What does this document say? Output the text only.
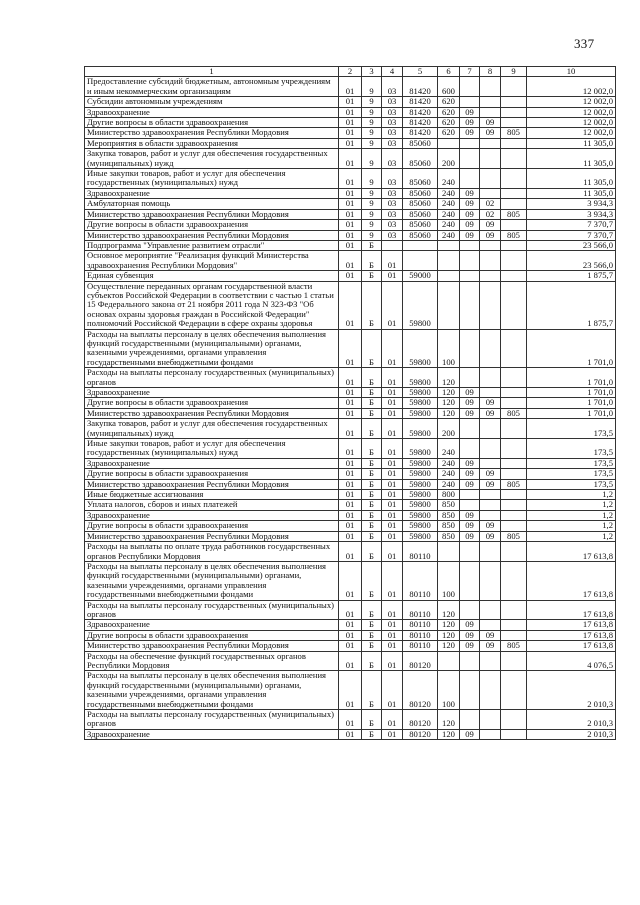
337
1	2	3	4	5	6	7	8	9	10
Предоставление субсидий бюджетным, автономным учреждениям и иным некоммерческим организациям	01	9	03	81420	600				12 002,0
Субсидии автономным учреждениям	01	9	03	81420	620				12 002,0
Здравоохранение	01	9	03	81420	620	09			12 002,0
Другие вопросы в области здравоохранения	01	9	03	81420	620	09	09		12 002,0
Министерство здравоохранения Республики Мордовия	01	9	03	81420	620	09	09	805	12 002,0
Мероприятия в области здравоохранения	01	9	03	85060					11 305,0
Закупка товаров, работ и услуг для обеспечения государственных (муниципальных) нужд	01	9	03	85060	200				11 305,0
Иные закупки товаров, работ и услуг для обеспечения государственных (муниципальных) нужд	01	9	03	85060	240				11 305,0
Здравоохранение	01	9	03	85060	240	09			11 305,0
Амбулаторная помощь	01	9	03	85060	240	09	02		3 934,3
Министерство здравоохранения Республики Мордовия	01	9	03	85060	240	09	02	805	3 934,3
Другие вопросы в области здравоохранения	01	9	03	85060	240	09	09		7 370,7
Министерство здравоохранения Республики Мордовия	01	9	03	85060	240	09	09	805	7 370,7
Подпрограмма "Управление развитием отрасли"	01	Б							23 566,0
Основное мероприятие "Реализация функций Министерства здравоохранения Республики Мордовия"	01	Б	01						23 566,0
Единая субвенция	01	Б	01	59000					1 875,7
Осуществление переданных органам государственной власти субъектов Российской Федерации в соответствии с частью 1 статьи 15 Федерального закона от 21 ноября 2011 года N 323-ФЗ "Об основах охраны здоровья граждан в Российской Федерации" полномочий Российской Федерации в сфере охраны здоровья	01	Б	01	59800					1 875,7
Расходы на выплаты персоналу в целях обеспечения выполнения функций государственными (муниципальными) органами, казенными учреждениями, органами управления государственными внебюджетными фондами	01	Б	01	59800	100				1 701,0
Расходы на выплаты персоналу государственных (муниципальных) органов	01	Б	01	59800	120				1 701,0
Здравоохранение	01	Б	01	59800	120	09			1 701,0
Другие вопросы в области здравоохранения	01	Б	01	59800	120	09	09		1 701,0
Министерство здравоохранения Республики Мордовия	01	Б	01	59800	120	09	09	805	1 701,0
Закупка товаров, работ и услуг для обеспечения государственных (муниципальных) нужд	01	Б	01	59800	200				173,5
Иные закупки товаров, работ и услуг для обеспечения государственных (муниципальных) нужд	01	Б	01	59800	240				173,5
Здравоохранение	01	Б	01	59800	240	09			173,5
Другие вопросы в области здравоохранения	01	Б	01	59800	240	09	09		173,5
Министерство здравоохранения Республики Мордовия	01	Б	01	59800	240	09	09	805	173,5
Иные бюджетные ассигнования	01	Б	01	59800	800				1,2
Уплата налогов, сборов и иных платежей	01	Б	01	59800	850				1,2
Здравоохранение	01	Б	01	59800	850	09			1,2
Другие вопросы в области здравоохранения	01	Б	01	59800	850	09	09		1,2
Министерство здравоохранения Республики Мордовия	01	Б	01	59800	850	09	09	805	1,2
Расходы на выплаты по оплате труда работников государственных органов Республики Мордовия	01	Б	01	80110					17 613,8
Расходы на выплаты персоналу в целях обеспечения выполнения функций государственными (муниципальными) органами, казенными учреждениями, органами управления государственными внебюджетными фондами	01	Б	01	80110	100				17 613,8
Расходы на выплаты персоналу государственных (муниципальных) органов	01	Б	01	80110	120				17 613,8
Здравоохранение	01	Б	01	80110	120	09			17 613,8
Другие вопросы в области здравоохранения	01	Б	01	80110	120	09	09		17 613,8
Министерство здравоохранения Республики Мордовия	01	Б	01	80110	120	09	09	805	17 613,8
Расходы на обеспечение функций государственных органов Республики Мордовия	01	Б	01	80120					4 076,5
Расходы на выплаты персоналу в целях обеспечения выполнения функций государственными (муниципальными) органами, казенными учреждениями, органами управления государственными внебюджетными фондами	01	Б	01	80120	100				2 010,3
Расходы на выплаты персоналу государственных (муниципальных) органов	01	Б	01	80120	120				2 010,3
Здравоохранение	01	Б	01	80120	120	09			2 010,3
